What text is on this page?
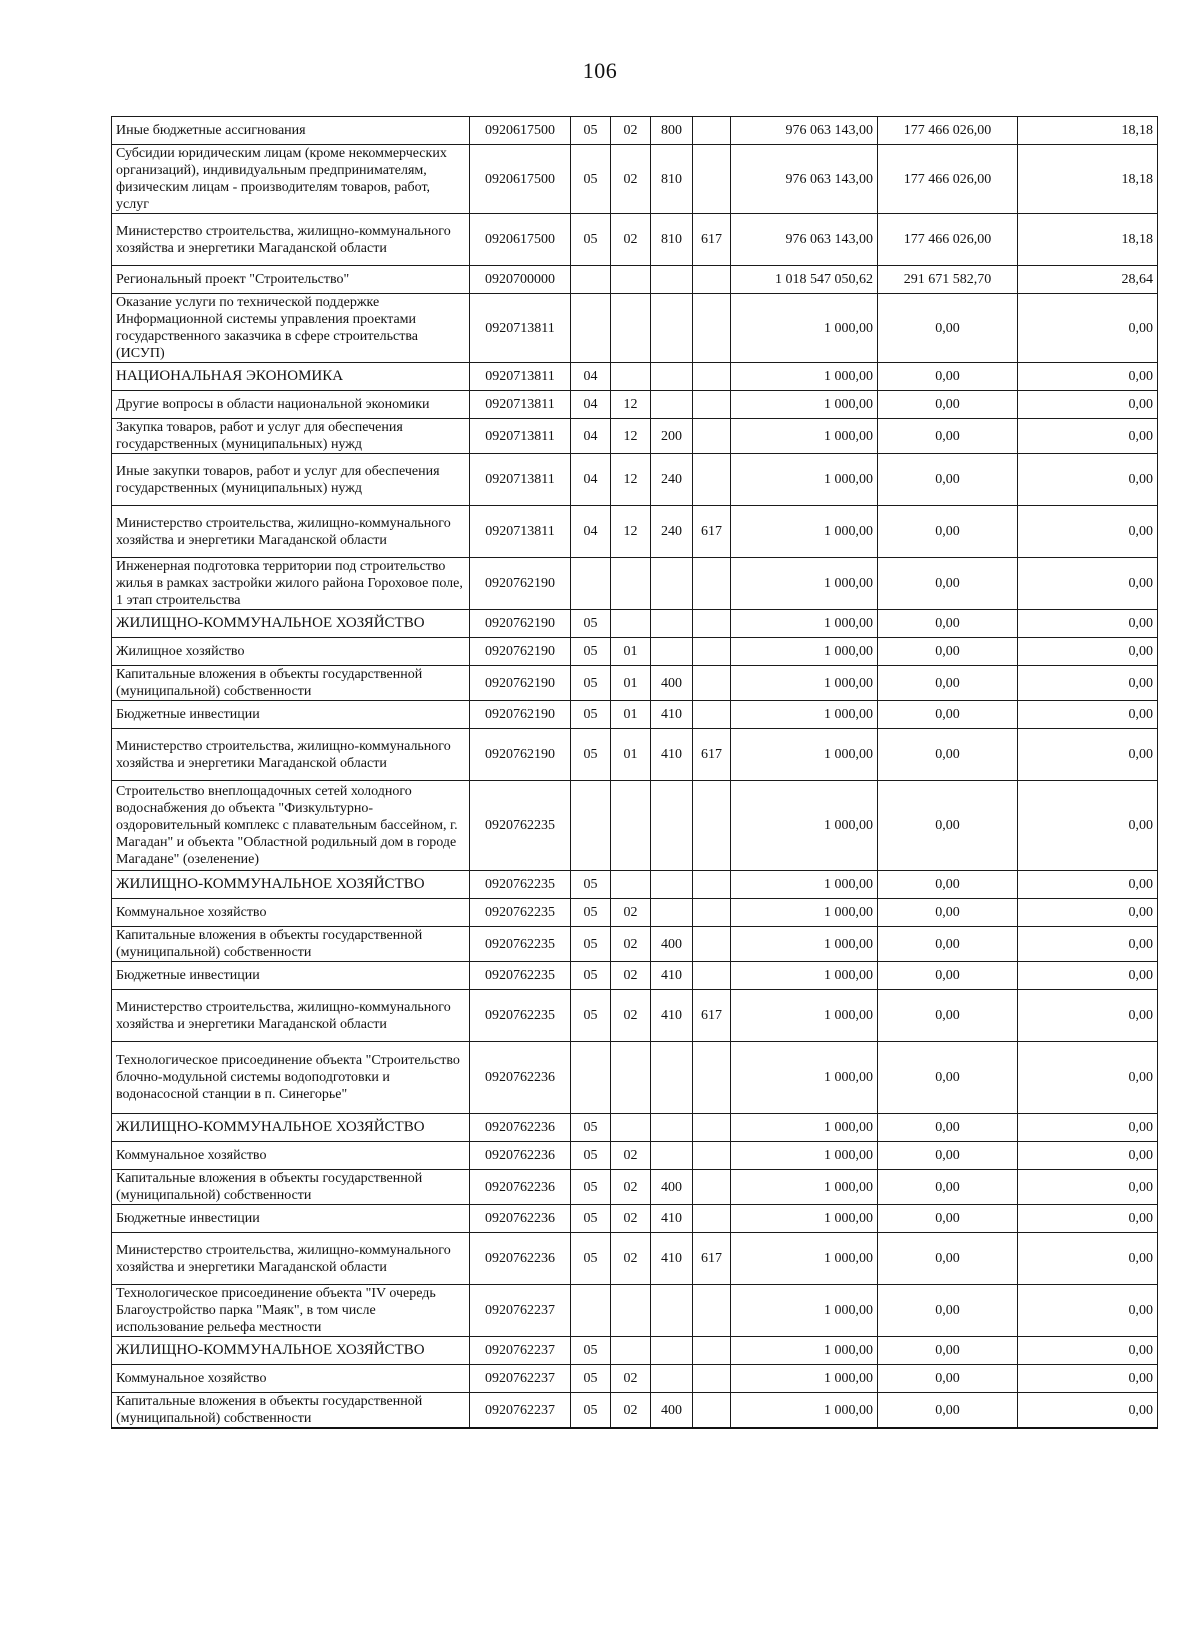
106
Иные бюджетные ассигнования	0920617500	05	02	800		976 063 143,00	177 466 026,00	18,18
Субсидии юридическим лицам (кроме некоммерческих организаций), индивидуальным предпринимателям, физическим лицам - производителям товаров, работ, услуг	0920617500	05	02	810		976 063 143,00	177 466 026,00	18,18
Министерство строительства, жилищно-коммунального хозяйства и энергетики Магаданской области	0920617500	05	02	810	617	976 063 143,00	177 466 026,00	18,18
Региональный проект "Строительство"	0920700000					1 018 547 050,62	291 671 582,70	28,64
Оказание услуги по технической поддержке Информационной системы управления проектами государственного заказчика в сфере строительства (ИСУП)	0920713811					1 000,00	0,00	0,00
НАЦИОНАЛЬНАЯ ЭКОНОМИКА	0920713811	04				1 000,00	0,00	0,00
Другие вопросы в области национальной экономики	0920713811	04	12			1 000,00	0,00	0,00
Закупка товаров, работ и услуг для обеспечения государственных (муниципальных) нужд	0920713811	04	12	200		1 000,00	0,00	0,00
Иные закупки товаров, работ и услуг для обеспечения государственных (муниципальных) нужд	0920713811	04	12	240		1 000,00	0,00	0,00
Министерство строительства, жилищно-коммунального хозяйства и энергетики Магаданской области	0920713811	04	12	240	617	1 000,00	0,00	0,00
Инженерная подготовка территории под строительство жилья в рамках застройки жилого района Гороховое поле, 1 этап строительства	0920762190					1 000,00	0,00	0,00
ЖИЛИЩНО-КОММУНАЛЬНОЕ ХОЗЯЙСТВО	0920762190	05				1 000,00	0,00	0,00
Жилищное хозяйство	0920762190	05	01			1 000,00	0,00	0,00
Капитальные вложения в объекты государственной (муниципальной) собственности	0920762190	05	01	400		1 000,00	0,00	0,00
Бюджетные инвестиции	0920762190	05	01	410		1 000,00	0,00	0,00
Министерство строительства, жилищно-коммунального хозяйства и энергетики Магаданской области	0920762190	05	01	410	617	1 000,00	0,00	0,00
Строительство внеплощадочных сетей холодного водоснабжения до объекта "Физкультурно-оздоровительный комплекс с плавательным бассейном, г. Магадан" и объекта "Областной родильный дом в городе Магадане" (озеленение)	0920762235					1 000,00	0,00	0,00
ЖИЛИЩНО-КОММУНАЛЬНОЕ ХОЗЯЙСТВО	0920762235	05				1 000,00	0,00	0,00
Коммунальное хозяйство	0920762235	05	02			1 000,00	0,00	0,00
Капитальные вложения в объекты государственной (муниципальной) собственности	0920762235	05	02	400		1 000,00	0,00	0,00
Бюджетные инвестиции	0920762235	05	02	410		1 000,00	0,00	0,00
Министерство строительства, жилищно-коммунального хозяйства и энергетики Магаданской области	0920762235	05	02	410	617	1 000,00	0,00	0,00
Технологическое присоединение объекта "Строительство блочно-модульной системы водоподготовки и водонасосной станции в п. Синегорье"	0920762236					1 000,00	0,00	0,00
ЖИЛИЩНО-КОММУНАЛЬНОЕ ХОЗЯЙСТВО	0920762236	05				1 000,00	0,00	0,00
Коммунальное хозяйство	0920762236	05	02			1 000,00	0,00	0,00
Капитальные вложения в объекты государственной (муниципальной) собственности	0920762236	05	02	400		1 000,00	0,00	0,00
Бюджетные инвестиции	0920762236	05	02	410		1 000,00	0,00	0,00
Министерство строительства, жилищно-коммунального хозяйства и энергетики Магаданской области	0920762236	05	02	410	617	1 000,00	0,00	0,00
Технологическое присоединение объекта "IV очередь Благоустройство парка "Маяк", в том числе использование рельефа местности	0920762237					1 000,00	0,00	0,00
ЖИЛИЩНО-КОММУНАЛЬНОЕ ХОЗЯЙСТВО	0920762237	05				1 000,00	0,00	0,00
Коммунальное хозяйство	0920762237	05	02			1 000,00	0,00	0,00
Капитальные вложения в объекты государственной (муниципальной) собственности	0920762237	05	02	400		1 000,00	0,00	0,00
